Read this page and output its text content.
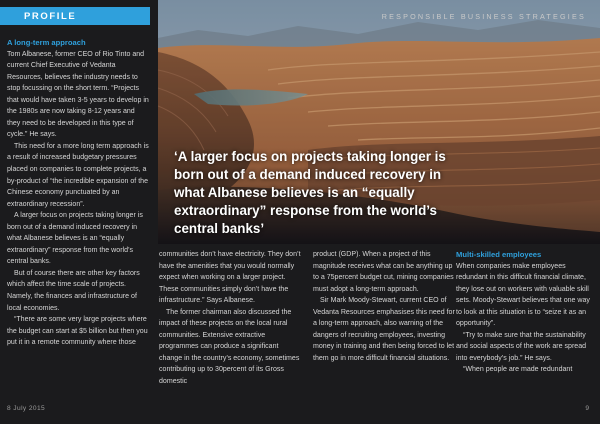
PROFILE	RESPONSIBLE BUSINESS STRATEGIES

‘A larger focus on projects taking longer is born out of a demand induced recovery in what Albanese believes is an “equally extraordinary” response from the world’s central banks’

A long-term approach

Tom Albanese, former CEO of Rio Tinto and current Chief Executive of Vedanta Resources, believes the industry needs to stop focussing on the short term. “Projects that would have taken 3-5 years to develop in the 1980s are now taking 8-12 years and they need to be developed in this type of cycle.” He says.

This need for a more long term approach is a result of increased budgetary pressures placed on companies to complete projects, a by-product of “the incredible expansion of the Chinese economy punctuated by an extraordinary recession”.

A larger focus on projects taking longer is born out of a demand induced recovery in what Albanese believes is an “equally extraordinary” response from the world’s central banks.

But of course there are other key factors which affect the time scale of projects. Namely, the finances and infrastructure of local economies.

“There are some very large projects where the budget can start at $5 billion but then you put it in a remote community where those

communities don’t have electricity. They don’t have the amenities that you would normally expect when working on a larger project. These communities simply don’t have the infrastructure.” Says Albanese.

The former chairman also discussed the impact of these projects on the local rural communities. Extensive extractive programmes can produce a significant change in the country’s economy, sometimes contributing up to 30percent of its Gross domestic

product (GDP). When a project of this magnitude receives what can be anything up to a 75percent budget cut, mining companies must adopt a long-term approach.

Sir Mark Moody-Stewart, current CEO of Vedanta Resources emphasises this need for a long-term approach, also warning of the dangers of recruiting employees, investing money in training and then being forced to let them go in more difficult financial situations.

Multi-skilled employees

When companies make employees redundant in this difficult financial climate, they lose out on workers with valuable skill sets. Moody-Stewart believes that one way to look at this situation is to “seize it as an opportunity”.

“Try to make sure that the sustainability and social aspects of the work are spread into everybody’s job.” He says.

“When people are made redundant

8 July 2015	9
